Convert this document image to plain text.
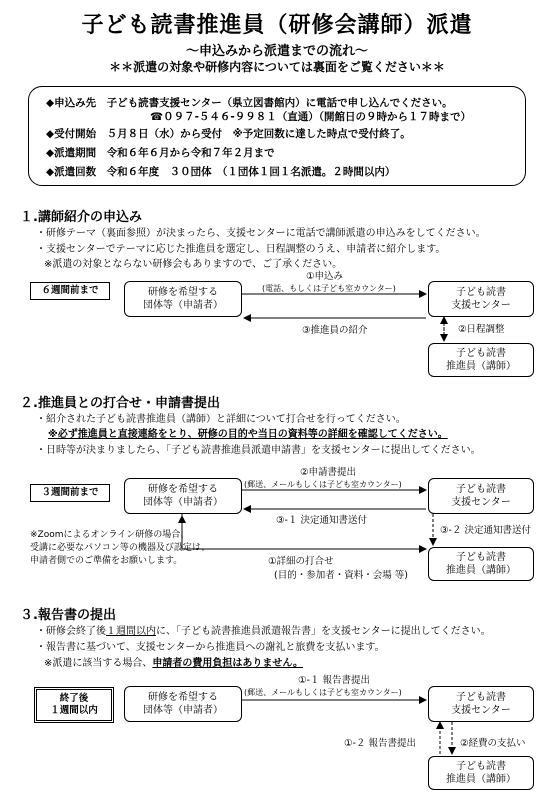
子ども読書推進員（研修会講師）派遣
～申込みから派遣までの流れ～
＊＊派遣の対象や研修内容については裏面をご覧ください＊＊
◆申込み先　子ども読書支援センター（県立図書館内）に電話で申し込んでください。
☎０９７-５４６-９９８１（直通）（開館日の９時から１７時まで）
◆受付開始　５月８日（水）から受付　※予定回数に達した時点で受付終了。
◆派遣期間　令和６年６月から令和７年２月まで
◆派遣回数　令和６年度　３０団体　（１団体１回１名派遣。２時間以内）
１.講師紹介の申込み
・研修テーマ（裏面参照）が決まったら、支援センターに電話で講師派遣の申込みをしてください。
・支援センターでテーマに応じた推進員を選定し、日程調整のうえ、申請者に紹介します。
※派遣の対象とならない研修会もありますので、ご了承ください。
６週間前まで	研修を希望する
団体等（申請者）
子ども読書
支援センター
子ども読書
推進員（講師）
①申込み
(電話、もしくは子ども室カウンター)
③推進員の紹介	②日程調整
２.推進員との打合せ・申請書提出
・紹介された子ども読書推進員（講師）と詳細について打合せを行ってください。
※必ず推進員と直接連絡をとり、研修の目的や当日の資料等の詳細を確認してください。
・日時等が決まりましたら、「子ども読書推進員派遣申請書」を支援センターに提出してください。
３週間前まで	研修を希望する
団体等（申請者）
子ども読書
支援センター
子ども読書
推進員（講師）
②申請書提出
(郵送、メールもしくは子ども室カウンター)
③-１ 決定通知書送付
③-２ 決定通知書送付
①詳細の打合せ
(目的・参加者・資料・会場 等)
※Zoomによるオンライン研修の場合、
受講に必要なパソコン等の機器及び設定は、
申請者側でのご準備をお願いします。
３.報告書の提出
・研修会終了後１週間以内に、「子ども読書推進員派遣報告書」を支援センターに提出してください。
・報告書に基づいて、支援センターから推進員への謝礼と旅費を支払います。
※派遣に該当する場合、申請者の費用負担はありません。
終了後
１週間以内
研修を希望する
団体等（申請者）
子ども読書
支援センター
子ども読書
推進員（講師）
①-１ 報告書提出
(郵送、メールもしくは子ども室カウンター)
①-２ 報告書提出	②経費の支払い
